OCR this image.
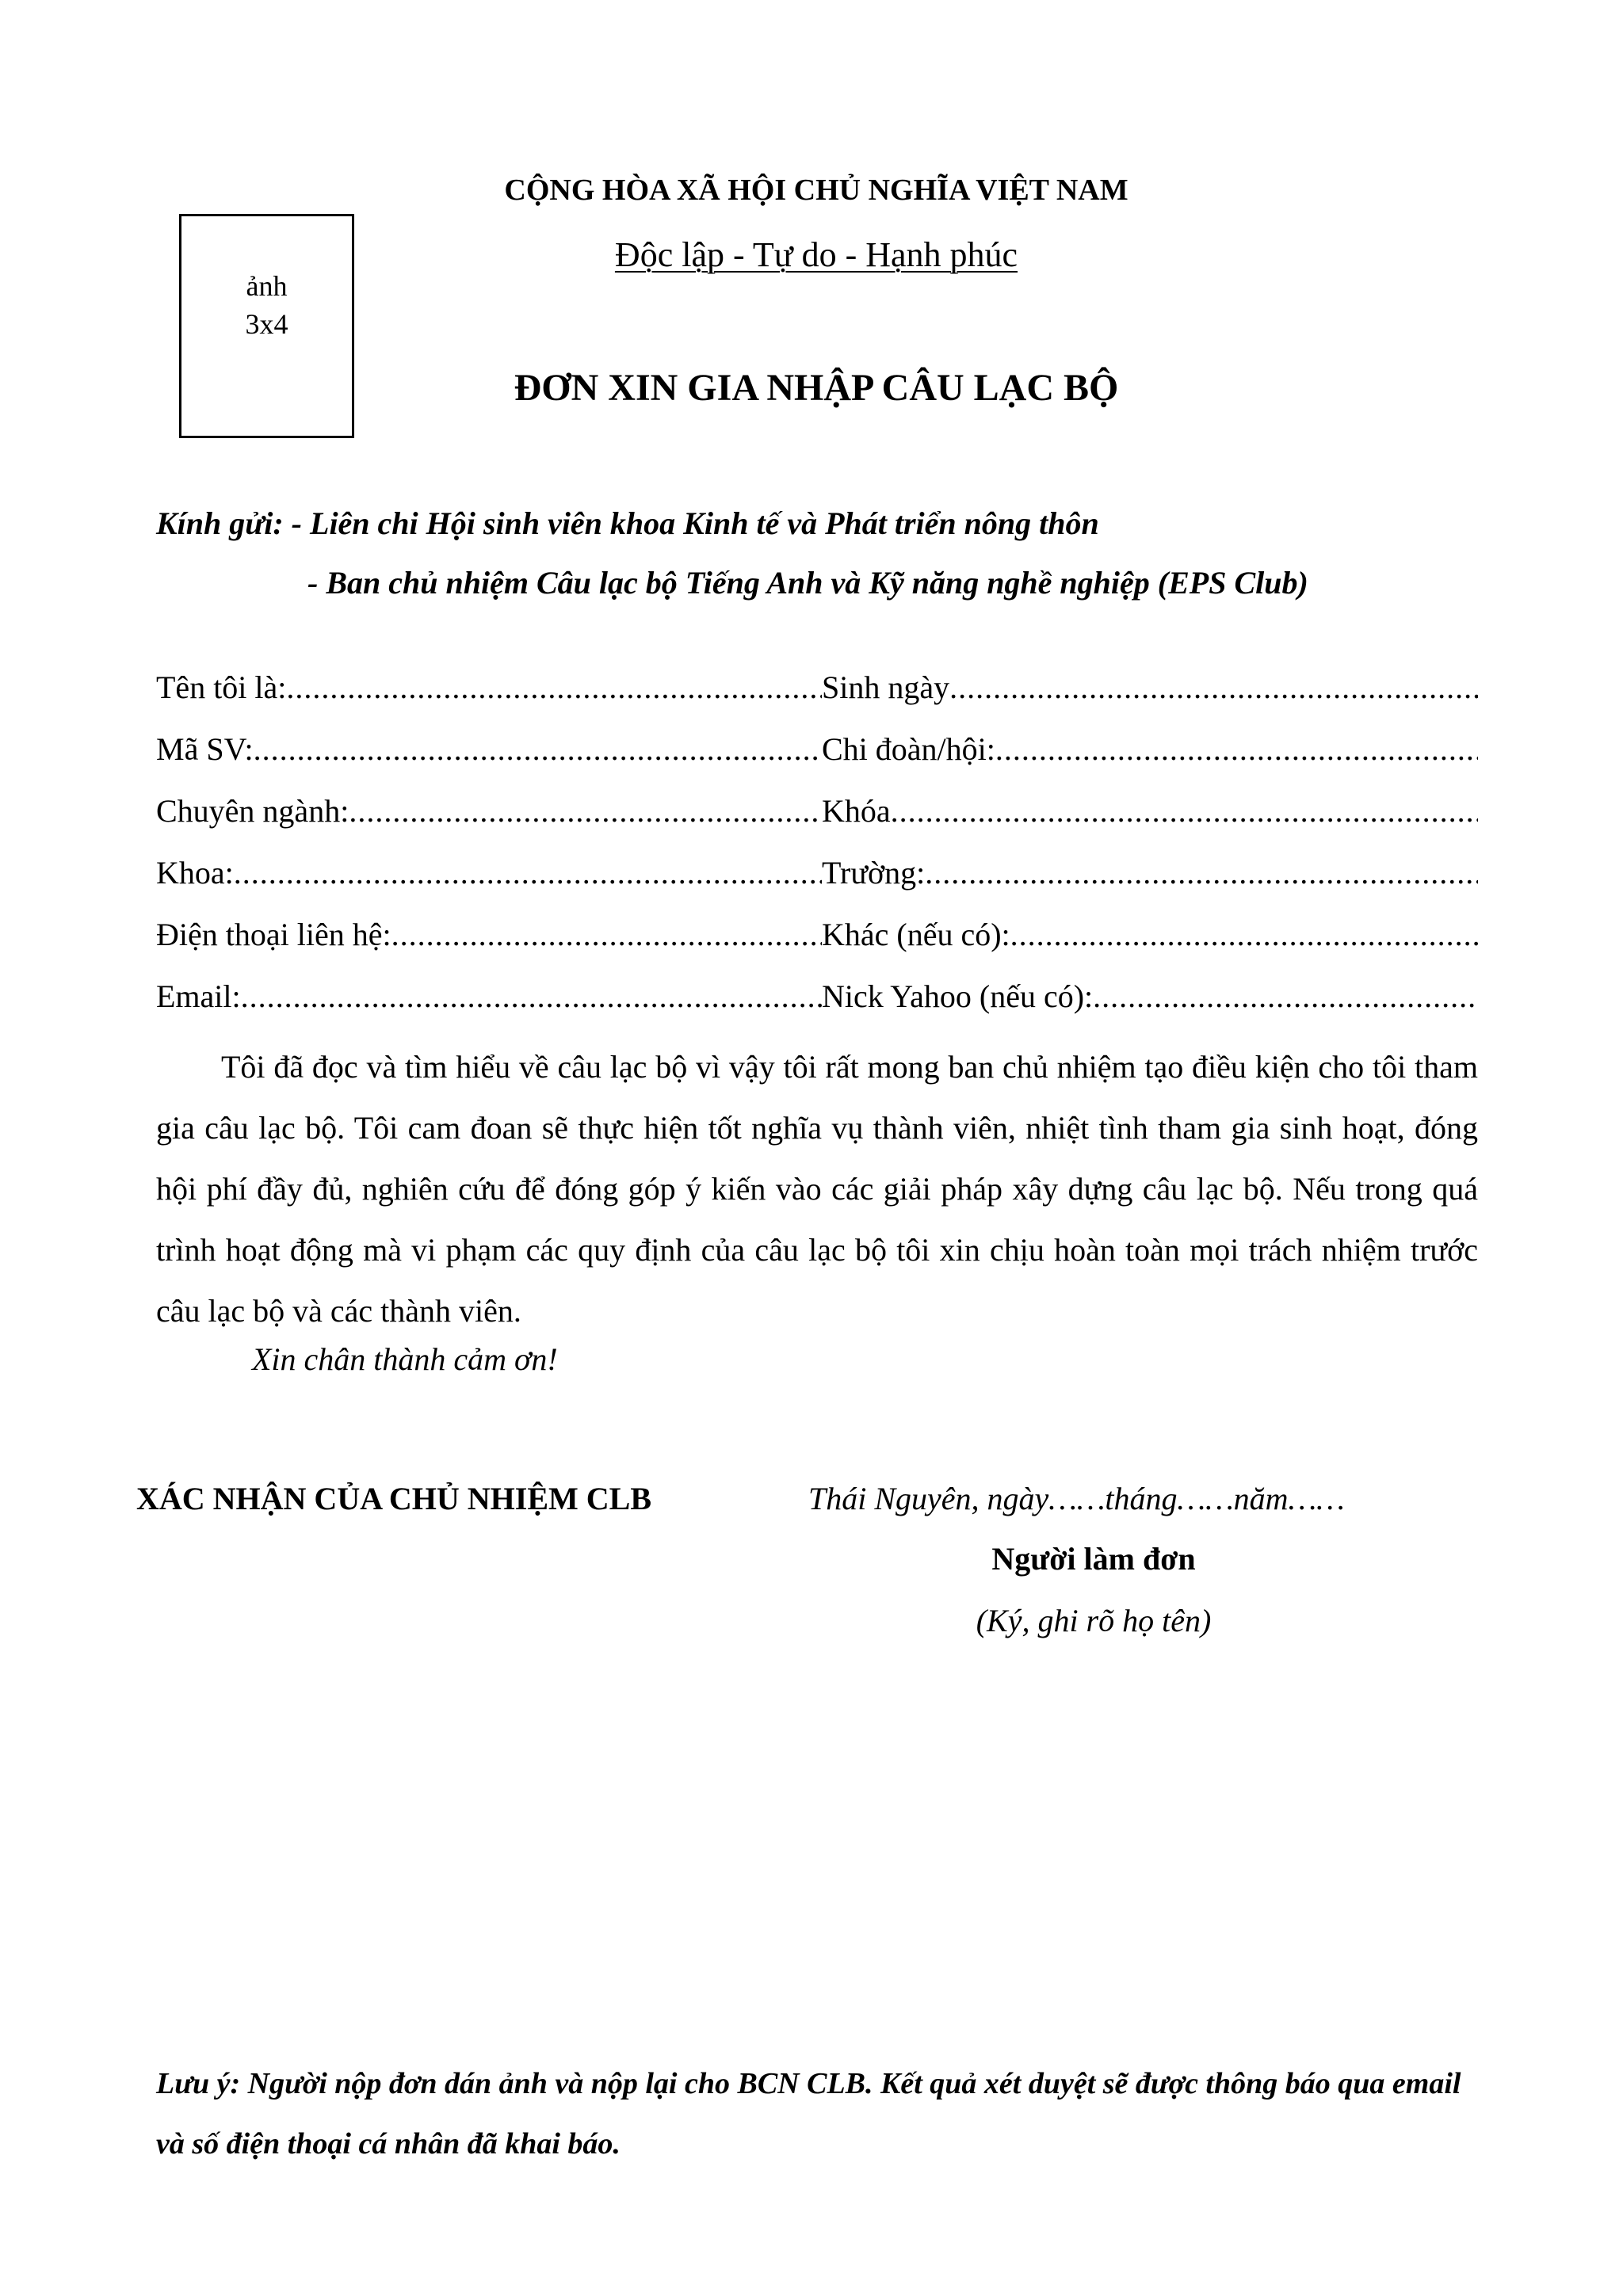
ảnh
3x4
CỘNG HÒA XÃ HỘI CHỦ NGHĨA VIỆT NAM
Độc lập - Tự do - Hạnh phúc
ĐƠN XIN GIA NHẬP CÂU LẠC BỘ
Kính gửi: - Liên chi Hội sinh viên khoa Kinh tế và Phát triển nông thôn
- Ban chủ nhiệm Câu lạc bộ Tiếng Anh và Kỹ năng nghề nghiệp (EPS Club)
Tên tôi là: .....	Sinh ngày
.....
Mã SV: .....	Chi đoàn/hội:
.....
Chuyên ngành: .....	Khóa
.....
Khoa: .....	Trường:
.....
Điện thoại liên hệ: .....	Khác (nếu có):
.....
Email: .....	Nick Yahoo (nếu có):
.....
Tôi đã đọc và tìm hiểu về câu lạc bộ vì vậy tôi rất mong ban chủ nhiệm tạo điều kiện cho tôi tham gia câu lạc bộ. Tôi cam đoan sẽ thực hiện tốt nghĩa vụ thành viên, nhiệt tình tham gia sinh hoạt, đóng hội phí đầy đủ, nghiên cứu để đóng góp ý kiến vào các giải pháp xây dựng câu lạc bộ. Nếu trong quá trình hoạt động mà vi phạm các quy định của câu lạc bộ tôi xin chịu hoàn toàn mọi trách nhiệm trước câu lạc bộ và các thành viên.
Xin chân thành cảm ơn!
XÁC NHẬN CỦA CHỦ NHIỆM CLB	Thái Nguyên, ngày……tháng……năm……
Người làm đơn
(Ký, ghi rõ họ tên)
Lưu ý: Người nộp đơn dán ảnh và nộp lại cho BCN CLB. Kết quả xét duyệt sẽ được thông báo qua email và số điện thoại cá nhân đã khai báo.
